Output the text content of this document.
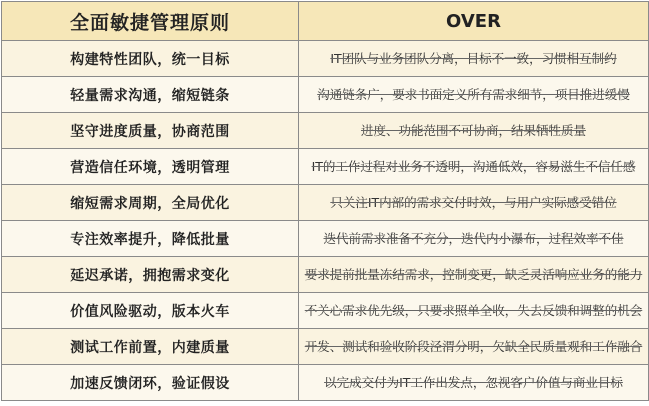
全面敏捷管理原则	OVER
构建特性团队，统一目标	IT团队与业务团队分离，目标不一致，习惯相互制约
轻量需求沟通，缩短链条	沟通链条广，要求书面定义所有需求细节，项目推进缓慢
坚守进度质量，协商范围	进度、功能范围不可协商，结果牺牲质量
营造信任环境，透明管理	IT的工作过程对业务不透明，沟通低效，容易滋生不信任感
缩短需求周期，全局优化	只关注IT内部的需求交付时效，与用户实际感受错位
专注效率提升，降低批量	迭代前需求准备不充分，迭代内小瀑布，过程效率不佳
延迟承诺，拥抱需求变化	要求提前批量冻结需求，控制变更，缺乏灵活响应业务的能力
价值风险驱动，版本火车	不关心需求优先级，只要求照单全收，失去反馈和调整的机会
测试工作前置，内建质量	开发、测试和验收阶段泾渭分明，欠缺全民质量观和工作融合
加速反馈闭环，验证假设	以完成交付为IT工作出发点，忽视客户价值与商业目标
